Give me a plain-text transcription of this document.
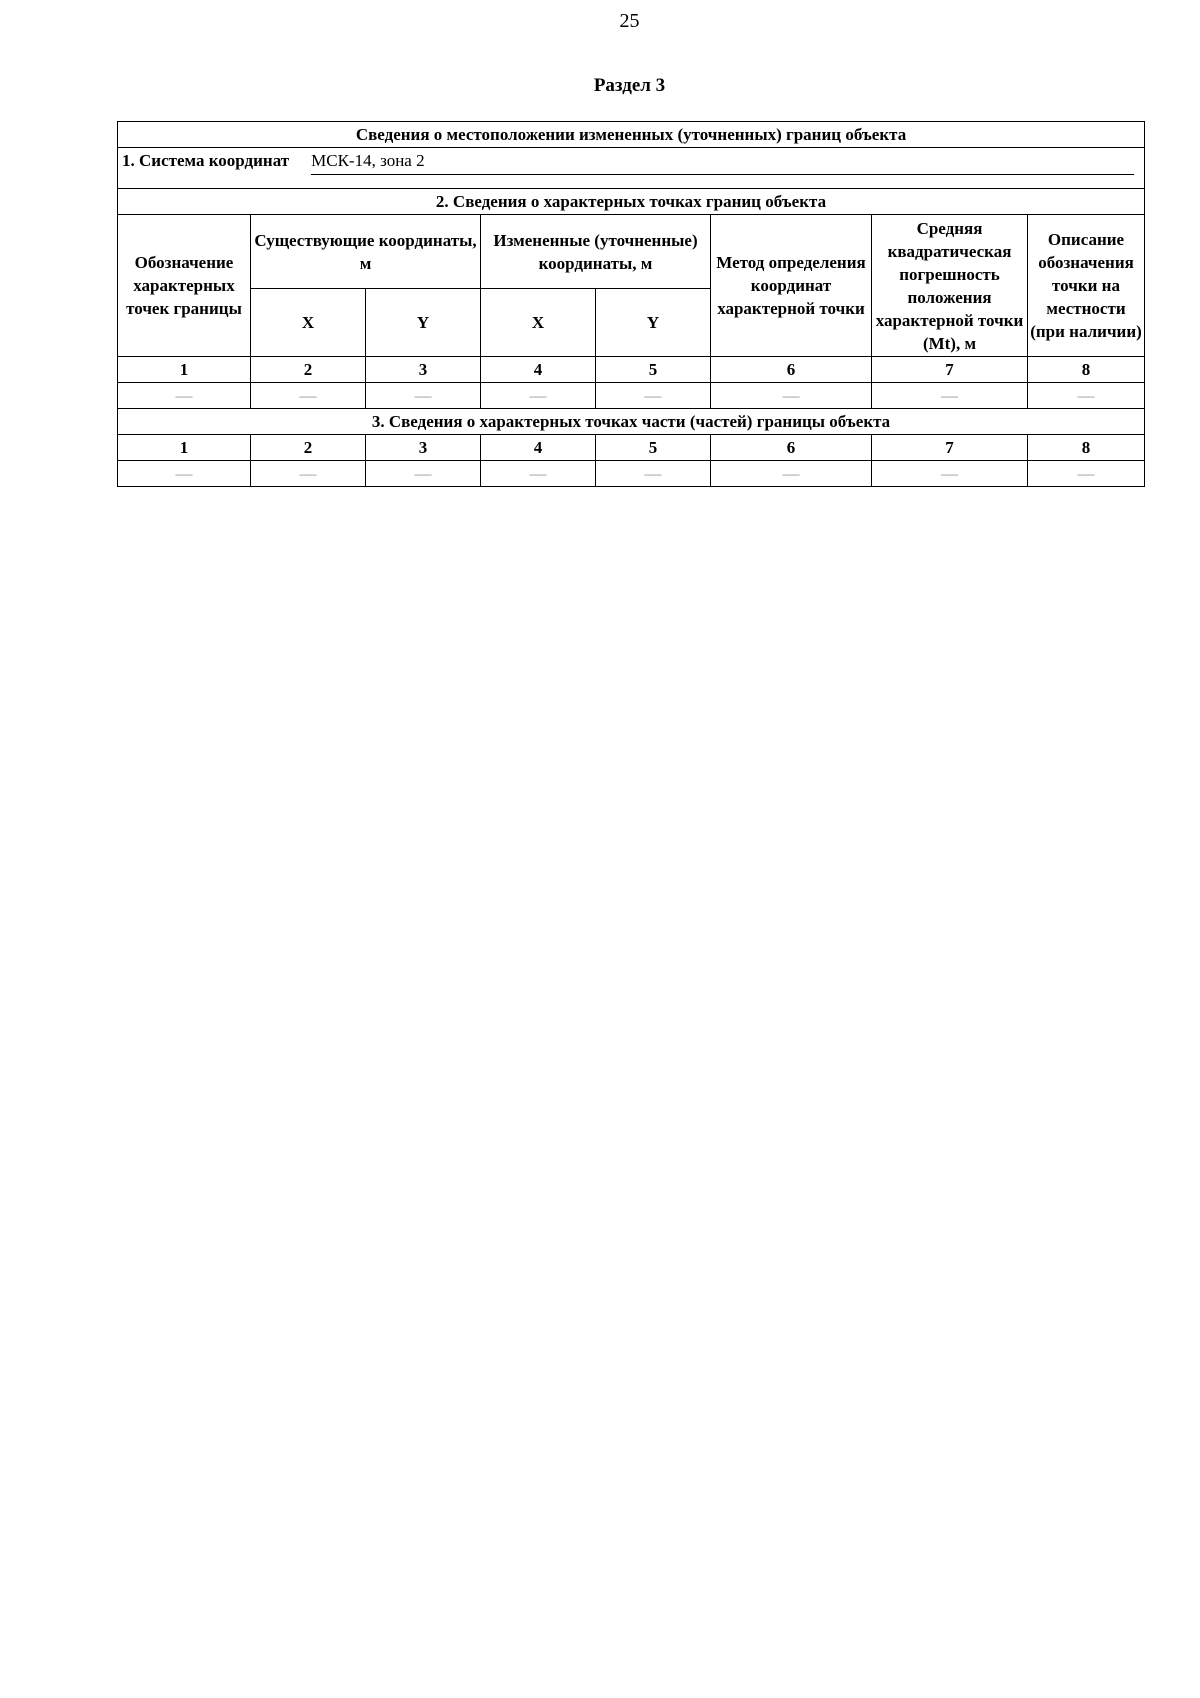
25
Раздел 3
Сведения о местоположении измененных (уточненных) границ объекта							

1. Система координат МСК-14, зона 2							

2. Сведения о характерных точках границ объекта							
Обозначение характерных точек границы	Существующие координаты, м		Измененные (уточненные) координаты, м		Метод определения координат характерной точки	Средняя квадратическая погрешность положения характерной точки (Mt), м	Описание обозначения точки на местности (при наличии)
	X	Y	X	Y			
1	2	3	4	5	6	7	8
—	—	—	—	—	—	—	—
3. Сведения о характерных точках части (частей) границы объекта							
1	2	3	4	5	6	7	8
—	—	—	—	—	—	—	—
